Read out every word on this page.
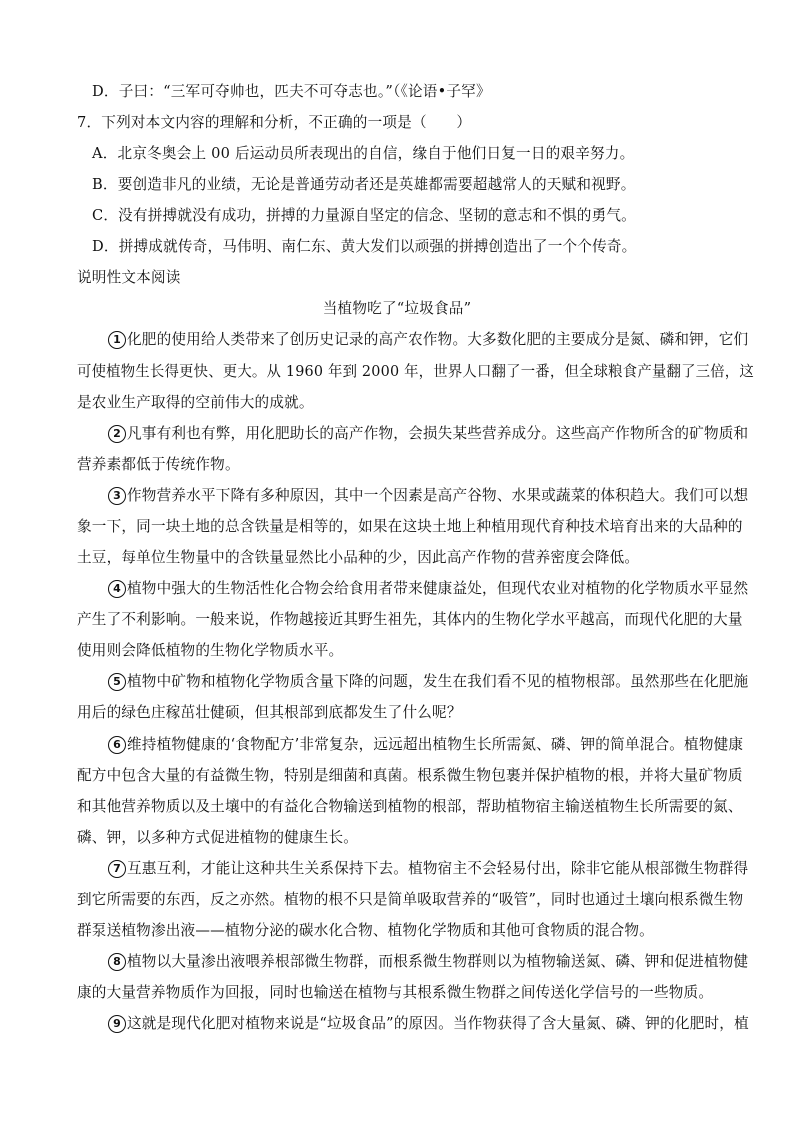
D．子曰：“三军可夺帅也，匹夫不可夺志也。”（《论语•子罕》
7．下列对本文内容的理解和分析，不正确的一项是（　　）
A．北京冬奥会上 00 后运动员所表现出的自信，缘自于他们日复一日的艰辛努力。
B．要创造非凡的业绩，无论是普通劳动者还是英雄都需要超越常人的天赋和视野。
C．没有拼搏就没有成功，拼搏的力量源自坚定的信念、坚韧的意志和不惧的勇气。
D．拼搏成就传奇，马伟明、南仁东、黄大发们以顽强的拼搏创造出了一个个传奇。
说明性文本阅读
当植物吃了“垃圾食品”
1 化肥的使用给人类带来了创历史记录的高产农作物。大多数化肥的主要成分是氮、磷和钾，它们
可使植物生长得更快、更大。从 1960 年到 2000 年，世界人口翻了一番，但全球粮食产量翻了三倍，这
是农业生产取得的空前伟大的成就。
2 凡事有利也有弊，用化肥助长的高产作物，会损失某些营养成分。这些高产作物所含的矿物质和
营养素都低于传统作物。
3 作物营养水平下降有多种原因，其中一个因素是高产谷物、水果或蔬菜的体积趋大。我们可以想
象一下，同一块土地的总含铁量是相等的，如果在这块土地上种植用现代育种技术培育出来的大品种的
土豆，每单位生物量中的含铁量显然比小品种的少，因此高产作物的营养密度会降低。
4 植物中强大的生物活性化合物会给食用者带来健康益处，但现代农业对植物的化学物质水平显然
产生了不利影响。一般来说，作物越接近其野生祖先，其体内的生物化学水平越高，而现代化肥的大量
使用则会降低植物的生物化学物质水平。
5 植物中矿物和植物化学物质含量下降的问题，发生在我们看不见的植物根部。虽然那些在化肥施
用后的绿色庄稼茁壮健硕，但其根部到底都发生了什么呢？
6 维持植物健康的‘食物配方’非常复杂，远远超出植物生长所需氮、磷、钾的简单混合。植物健康
配方中包含大量的有益微生物，特别是细菌和真菌。根系微生物包裹并保护植物的根，并将大量矿物质
和其他营养物质以及土壤中的有益化合物输送到植物的根部，帮助植物宿主输送植物生长所需要的氮、
磷、钾，以多种方式促进植物的健康生长。
7 互惠互利，才能让这种共生关系保持下去。植物宿主不会轻易付出，除非它能从根部微生物群得
到它所需要的东西，反之亦然。植物的根不只是简单吸取营养的“吸管”，同时也通过土壤向根系微生物
群泵送植物渗出液——植物分泌的碳水化合物、植物化学物质和其他可食物质的混合物。
8 植物以大量渗出液喂养根部微生物群，而根系微生物群则以为植物输送氮、磷、钾和促进植物健
康的大量营养物质作为回报，同时也输送在植物与其根系微生物群之间传送化学信号的一些物质。
9 这就是现代化肥对植物来说是“垃圾食品”的原因。当作物获得了含大量氮、磷、钾的化肥时，植
